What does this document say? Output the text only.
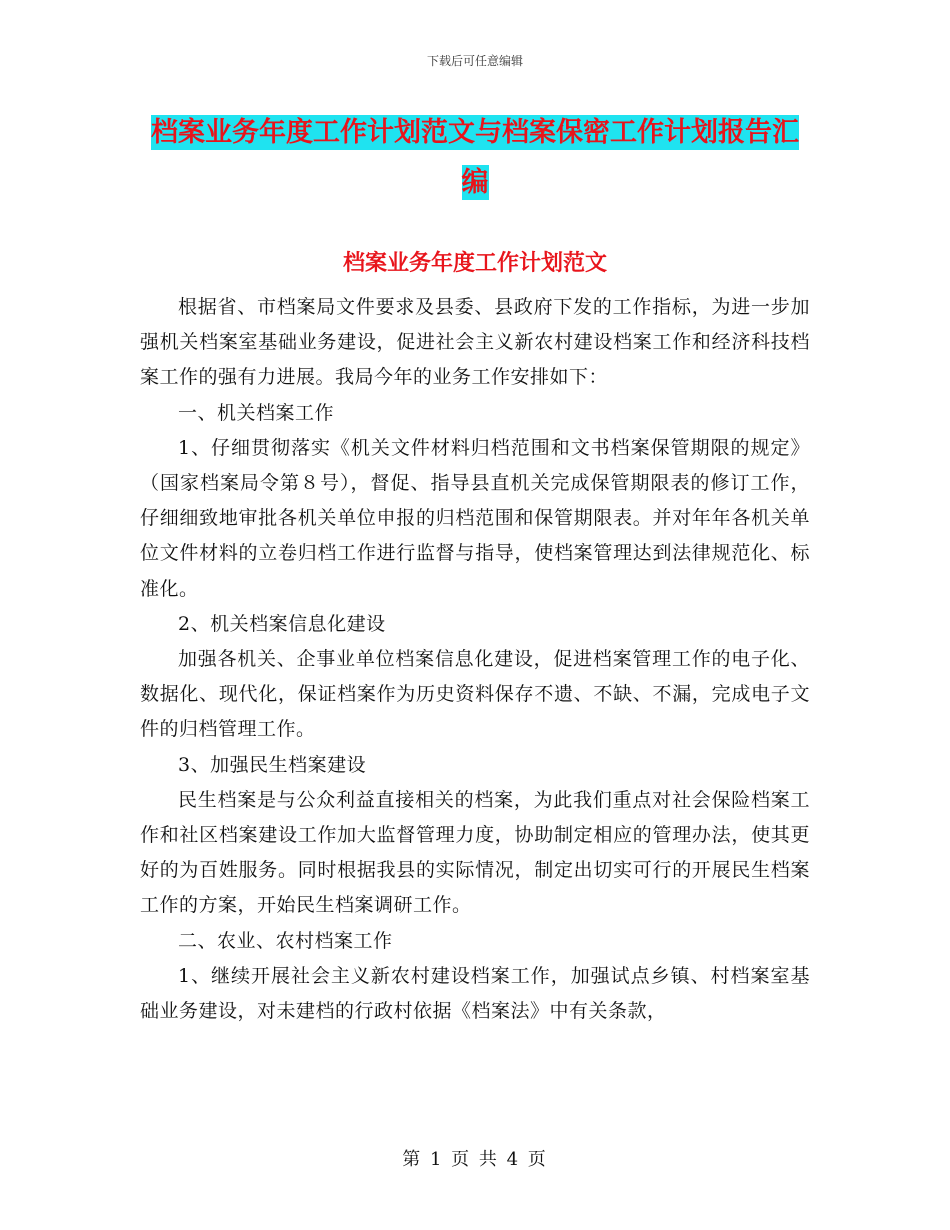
下载后可任意编辑
档案业务年度工作计划范文与档案保密工作计划报告汇编
档案业务年度工作计划范文

根据省、市档案局文件要求及县委、县政府下发的工作指标，为进一步加强机关档案室基础业务建设，促进社会主义新农村建设档案工作和经济科技档案工作的强有力进展。我局今年的业务工作安排如下：

一、机关档案工作

1、仔细贯彻落实《机关文件材料归档范围和文书档案保管期限的规定》（国家档案局令第８号），督促、指导县直机关完成保管期限表的修订工作，仔细细致地审批各机关单位申报的归档范围和保管期限表。并对年年各机关单位文件材料的立卷归档工作进行监督与指导，使档案管理达到法律规范化、标准化。

2、机关档案信息化建设

加强各机关、企事业单位档案信息化建设，促进档案管理工作的电子化、数据化、现代化，保证档案作为历史资料保存不遗、不缺、不漏，完成电子文件的归档管理工作。

3、加强民生档案建设

民生档案是与公众利益直接相关的档案，为此我们重点对社会保险档案工作和社区档案建设工作加大监督管理力度，协助制定相应的管理办法，使其更好的为百姓服务。同时根据我县的实际情况，制定出切实可行的开展民生档案工作的方案，开始民生档案调研工作。

二、农业、农村档案工作

1、继续开展社会主义新农村建设档案工作，加强试点乡镇、村档案室基础业务建设，对未建档的行政村依据《档案法》中有关条款，

第 1 页 共 4 页
